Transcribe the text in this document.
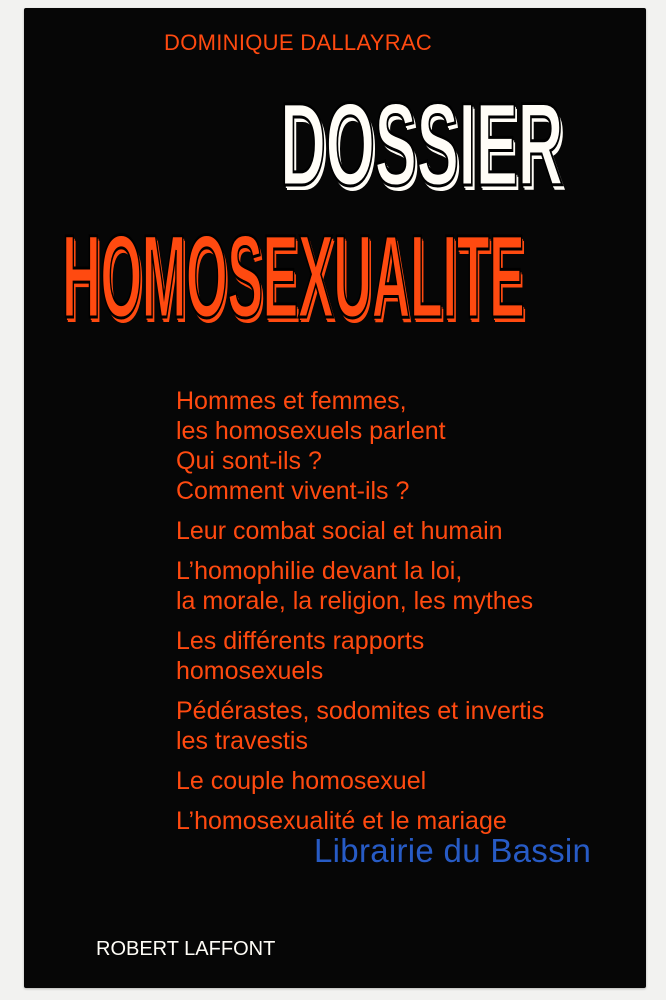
DOMINIQUE DALLAYRAC
DOSSIER
HOMOSEXUALITE
Hommes et femmes,
les homosexuels parlent
Qui sont-ils ?
Comment vivent-ils ?
Leur combat social et humain
L’homophilie devant la loi,
la morale, la religion, les mythes
Les différents rapports
homosexuels
Pédérastes, sodomites et invertis
les travestis
Le couple homosexuel
L’homosexualité et le mariage
ROBERT LAFFONT
Librairie du Bassin
